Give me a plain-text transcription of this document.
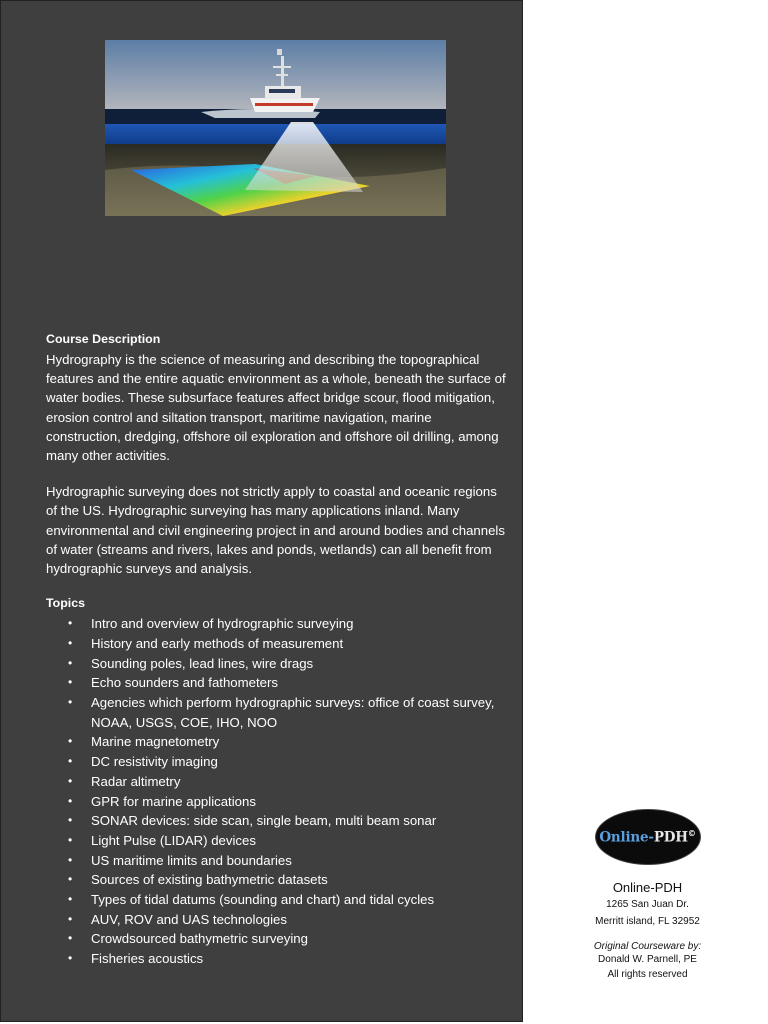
Course Description

Hydrography is the science of measuring and describing the topographical features and the entire aquatic environment as a whole, beneath the surface of water bodies. These subsurface features affect bridge scour, flood mitigation, erosion control and siltation transport, maritime navigation, marine construction, dredging, offshore oil exploration and offshore oil drilling, among many other activities.

Hydrographic surveying does not strictly apply to coastal and oceanic regions of the US. Hydrographic surveying has many applications inland. Many environmental and civil engineering project in and around bodies and channels of water (streams and rivers, lakes and ponds, wetlands) can all benefit from hydrographic surveys and analysis.

Topics
• Intro and overview of hydrographic surveying
• History and early methods of measurement
• Sounding poles, lead lines, wire drags
• Echo sounders and fathometers
• Agencies which perform hydrographic surveys: office of coast survey, NOAA, USGS, COE, IHO, NOO
• Marine magnetometry
• DC resistivity imaging
• Radar altimetry
• GPR for marine applications
• SONAR devices: side scan, single beam, multi beam sonar
• Light Pulse (LIDAR) devices
• US maritime limits and boundaries
• Sources of existing bathymetric datasets
• Types of tidal datums (sounding and chart) and tidal cycles
• AUV, ROV and UAS technologies
• Crowdsourced bathymetric surveying
• Fisheries acoustics
Online-PDH©
Online-PDH
1265 San Juan Dr.
Merritt island, FL 32952
Original Courseware by:
Donald W. Parnell, PE
All rights reserved
